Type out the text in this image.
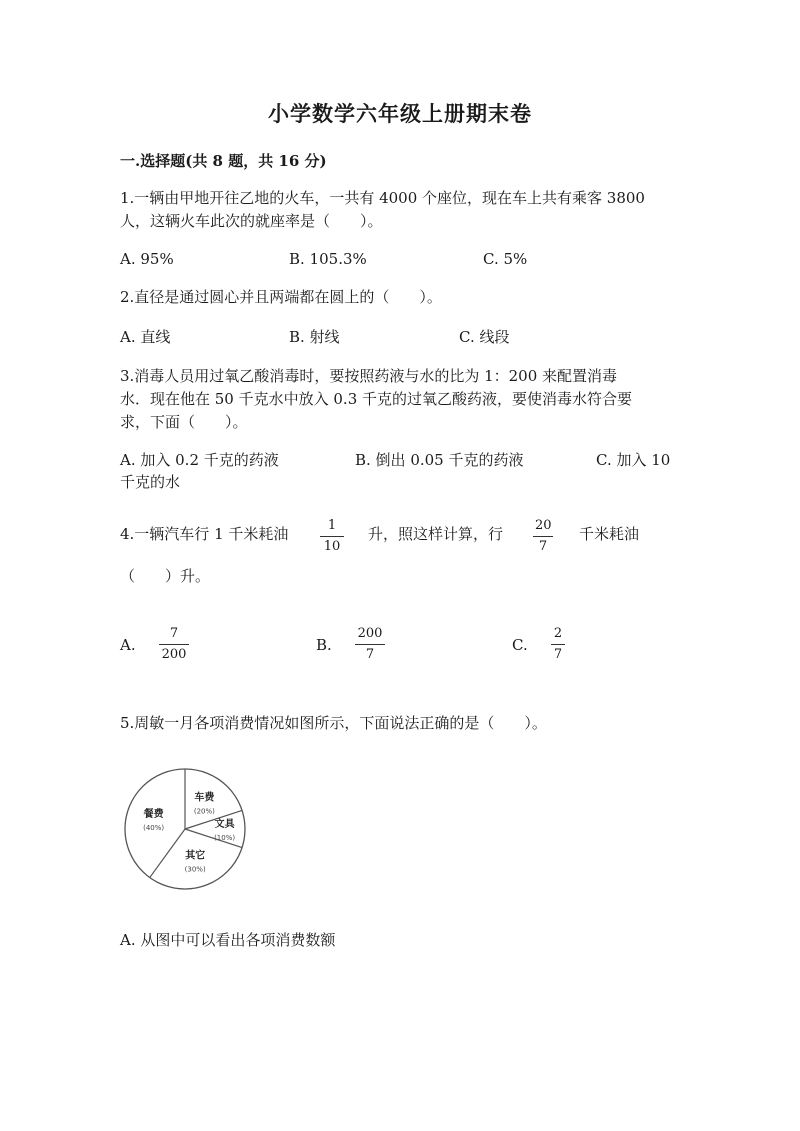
小学数学六年级上册期末卷
一.选择题(共 8 题，共 16 分)
1.一辆由甲地开往乙地的火车，一共有 4000 个座位，现在车上共有乘客 3800
人，这辆火车此次的就座率是（　　）。
A. 95%	B. 105.3%	C. 5%
2.直径是通过圆心并且两端都在圆上的（　　）。
A. 直线	B. 射线	C. 线段
3.消毒人员用过氧乙酸消毒时，要按照药液与水的比为 1：200 来配置消毒
水．现在他在 50 千克水中放入 0.3 千克的过氧乙酸药液，要使消毒水符合要
求，下面（　　）。
A. 加入 0.2 千克的药液	B. 倒出 0.05 千克的药液	C. 加入 10
千克的水
4.一辆汽车行 1 千米耗油	1
10
升，照这样计算，行 20
7
千米耗油
（　　）升。
A.
7
200
B.
200
7
C.
2
7
5.周敏一月各项消费情况如图所示，下面说法正确的是（　　）。
车费
(20%)
文具
(10%)
其它
(30%)
餐费
(40%)
A. 从图中可以看出各项消费数额
